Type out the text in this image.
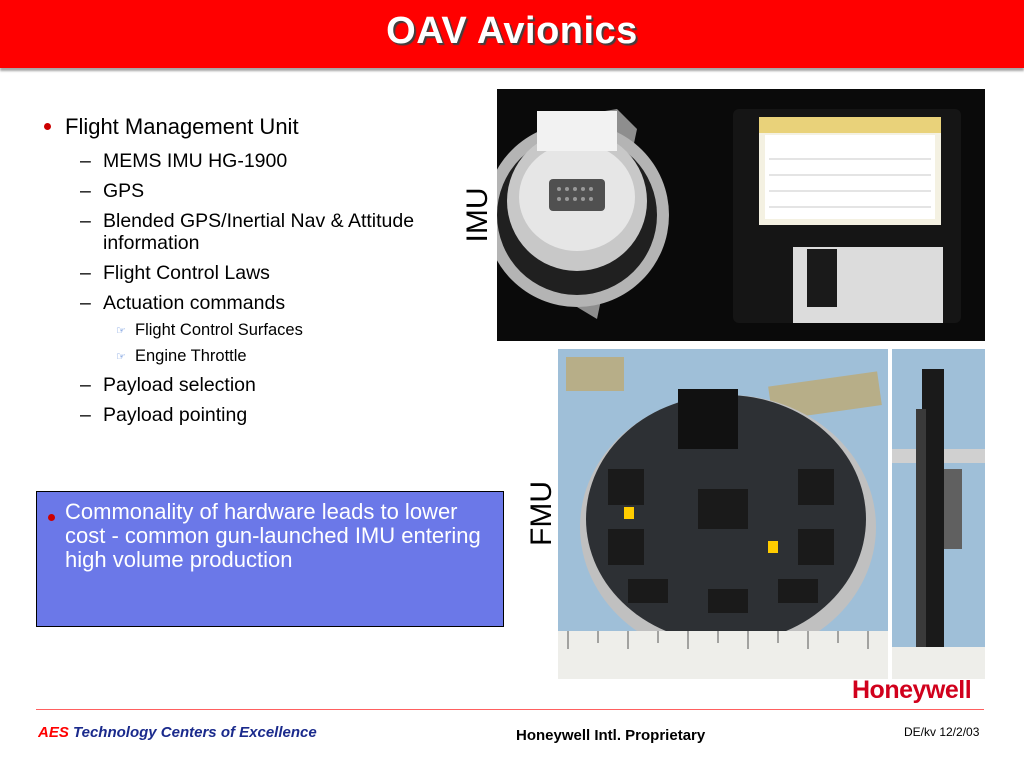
OAV Avionics
Flight Management Unit
– MEMS IMU HG-1900
– GPS
– Blended GPS/Inertial Nav & Attitude information
– Flight Control Laws
– Actuation commands
☞ Flight Control Surfaces
☞ Engine Throttle
– Payload selection
– Payload pointing
Commonality of hardware leads to lower cost - common gun-launched IMU entering high volume production
IMU
FMU
Honeywell
AES Technology Centers of Excellence	Honeywell Intl. Proprietary	DE/kv 12/2/03
